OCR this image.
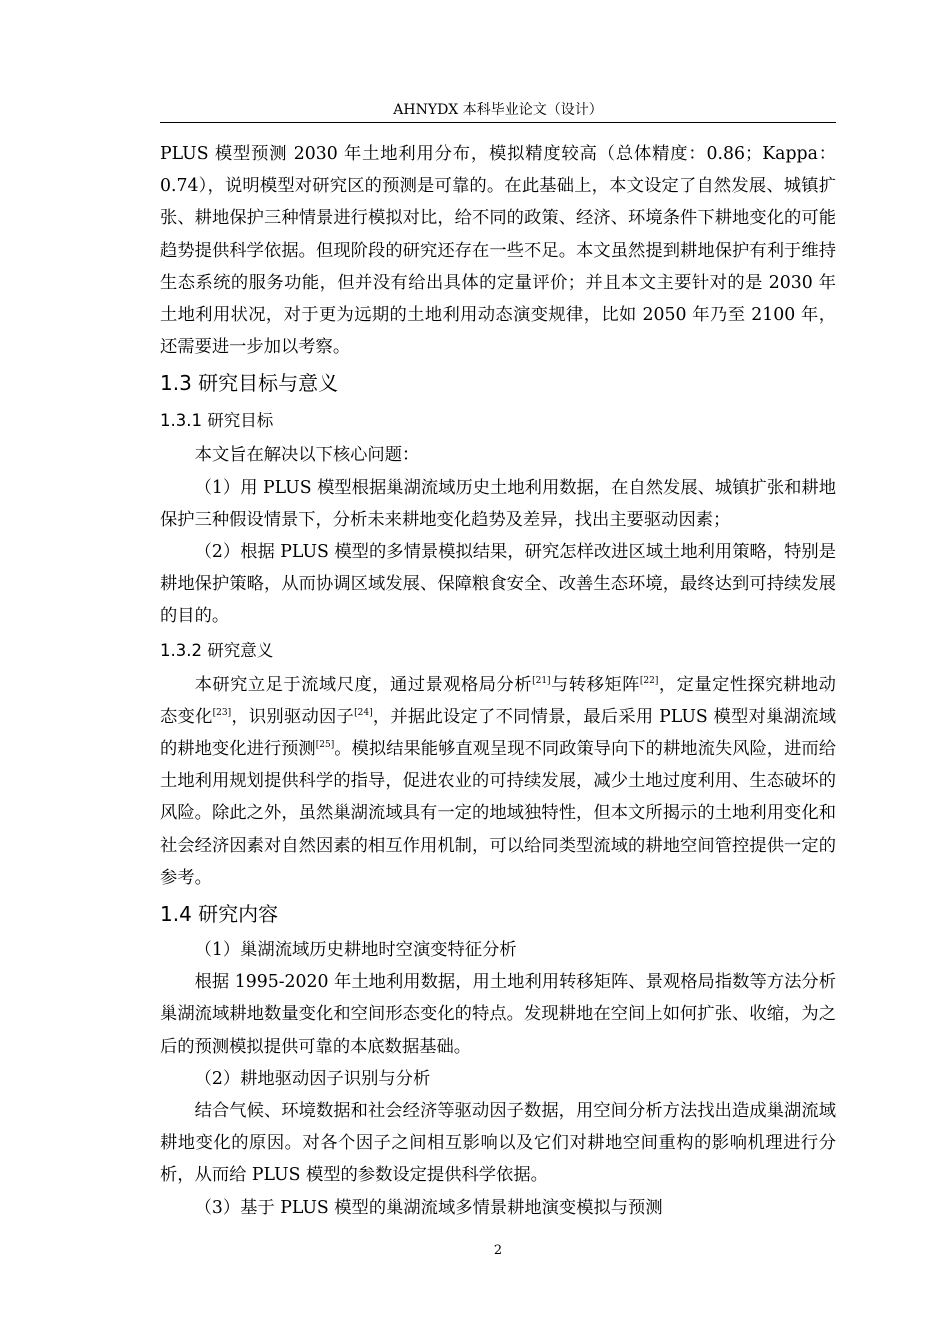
AHNYDX 本科毕业论文（设计）

PLUS 模型预测 2030 年土地利用分布，模拟精度较高（总体精度：0.86；Kappa：0.74），说明模型对研究区的预测是可靠的。在此基础上，本文设定了自然发展、城镇扩张、耕地保护三种情景进行模拟对比，给不同的政策、经济、环境条件下耕地变化的可能趋势提供科学依据。但现阶段的研究还存在一些不足。本文虽然提到耕地保护有利于维持生态系统的服务功能，但并没有给出具体的定量评价；并且本文主要针对的是 2030 年土地利用状况，对于更为远期的土地利用动态演变规律，比如 2050 年乃至 2100 年，还需要进一步加以考察。

1.3 研究目标与意义
1.3.1 研究目标

本文旨在解决以下核心问题：

（1）用 PLUS 模型根据巢湖流域历史土地利用数据，在自然发展、城镇扩张和耕地保护三种假设情景下，分析未来耕地变化趋势及差异，找出主要驱动因素；

（2）根据 PLUS 模型的多情景模拟结果，研究怎样改进区域土地利用策略，特别是耕地保护策略，从而协调区域发展、保障粮食安全、改善生态环境，最终达到可持续发展的目的。

1.3.2 研究意义

本研究立足于流域尺度，通过景观格局分析[21]与转移矩阵[22]，定量定性探究耕地动态变化[23]，识别驱动因子[24]，并据此设定了不同情景，最后采用 PLUS 模型对巢湖流域的耕地变化进行预测[25]。模拟结果能够直观呈现不同政策导向下的耕地流失风险，进而给土地利用规划提供科学的指导，促进农业的可持续发展，减少土地过度利用、生态破坏的风险。除此之外，虽然巢湖流域具有一定的地域独特性，但本文所揭示的土地利用变化和社会经济因素对自然因素的相互作用机制，可以给同类型流域的耕地空间管控提供一定的参考。

1.4 研究内容

（1）巢湖流域历史耕地时空演变特征分析

根据 1995-2020 年土地利用数据，用土地利用转移矩阵、景观格局指数等方法分析巢湖流域耕地数量变化和空间形态变化的特点。发现耕地在空间上如何扩张、收缩，为之后的预测模拟提供可靠的本底数据基础。

（2）耕地驱动因子识别与分析

结合气候、环境数据和社会经济等驱动因子数据，用空间分析方法找出造成巢湖流域耕地变化的原因。对各个因子之间相互影响以及它们对耕地空间重构的影响机理进行分析，从而给 PLUS 模型的参数设定提供科学依据。

（3）基于 PLUS 模型的巢湖流域多情景耕地演变模拟与预测

2
